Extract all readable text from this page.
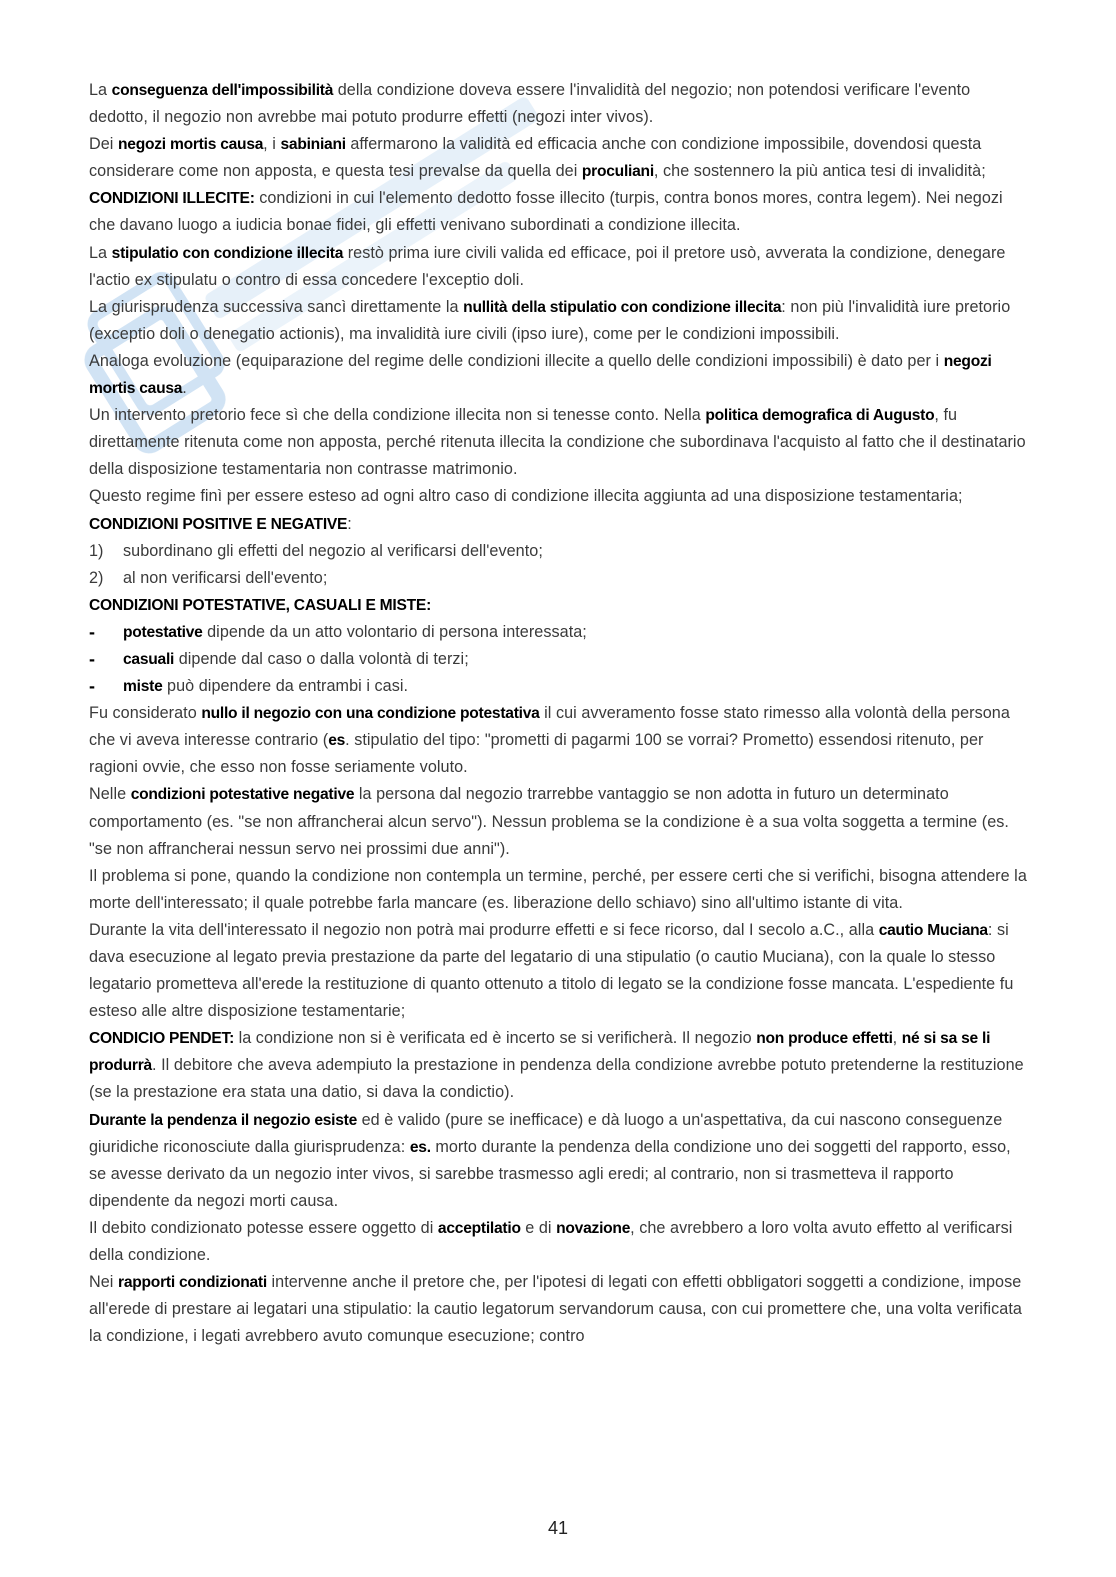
La conseguenza dell'impossibilità della condizione doveva essere l'invalidità del negozio; non potendosi verificare l'evento dedotto, il negozio non avrebbe mai potuto produrre effetti (negozi inter vivos).

Dei negozi mortis causa, i sabiniani affermarono la validità ed efficacia anche con condizione impossibile, dovendosi questa considerare come non apposta, e questa tesi prevalse da quella dei proculiani, che sostennero la più antica tesi di invalidità;

CONDIZIONI ILLECITE: condizioni in cui l'elemento dedotto fosse illecito (turpis, contra bonos mores, contra legem). Nei negozi che davano luogo a iudicia bonae fidei, gli effetti venivano subordinati a condizione illecita.

La stipulatio con condizione illecita restò prima iure civili valida ed efficace, poi il pretore usò, avverata la condizione, denegare l'actio ex stipulatu o contro di essa concedere l'exceptio doli.

La giurisprudenza successiva sancì direttamente la nullità della stipulatio con condizione illecita: non più l'invalidità iure pretorio (exceptio doli o denegatio actionis), ma invalidità iure civili (ipso iure), come per le condizioni impossibili.

Analoga evoluzione (equiparazione del regime delle condizioni illecite a quello delle condizioni impossibili) è dato per i negozi mortis causa.

Un intervento pretorio fece sì che della condizione illecita non si tenesse conto. Nella politica demografica di Augusto, fu direttamente ritenuta come non apposta, perché ritenuta illecita la condizione che subordinava l'acquisto al fatto che il destinatario della disposizione testamentaria non contrasse matrimonio.

Questo regime finì per essere esteso ad ogni altro caso di condizione illecita aggiunta ad una disposizione testamentaria;

CONDIZIONI POSITIVE E NEGATIVE:

1)	subordinano gli effetti del negozio al verificarsi dell'evento;
2)	al non verificarsi dell'evento;

CONDIZIONI POTESTATIVE, CASUALI E MISTE:

-	potestative dipende da un atto volontario di persona interessata;
-	casuali dipende dal caso o dalla volontà di terzi;
-	miste può dipendere da entrambi i casi.

Fu considerato nullo il negozio con una condizione potestativa il cui avveramento fosse stato rimesso alla volontà della persona che vi aveva interesse contrario (es. stipulatio del tipo: "prometti di pagarmi 100 se vorrai? Prometto) essendosi ritenuto, per ragioni ovvie, che esso non fosse seriamente voluto.

Nelle condizioni potestative negative la persona dal negozio trarrebbe vantaggio se non adotta in futuro un determinato comportamento (es. "se non affrancherai alcun servo"). Nessun problema se la condizione è a sua volta soggetta a termine (es. "se non affrancherai nessun servo nei prossimi due anni").

Il problema si pone, quando la condizione non contempla un termine, perché, per essere certi che si verifichi, bisogna attendere la morte dell'interessato; il quale potrebbe farla mancare (es. liberazione dello schiavo) sino all'ultimo istante di vita.

Durante la vita dell'interessato il negozio non potrà mai produrre effetti e si fece ricorso, dal I secolo a.C., alla cautio Muciana: si dava esecuzione al legato previa prestazione da parte del legatario di una stipulatio (o cautio Muciana), con la quale lo stesso legatario prometteva all'erede la restituzione di quanto ottenuto a titolo di legato se la condizione fosse mancata. L'espediente fu esteso alle altre disposizione testamentarie;

CONDICIO PENDET: la condizione non si è verificata ed è incerto se si verificherà. Il negozio non produce effetti, né si sa se li produrrà. Il debitore che aveva adempiuto la prestazione in pendenza della condizione avrebbe potuto pretenderne la restituzione (se la prestazione era stata una datio, si dava la condictio).

Durante la pendenza il negozio esiste ed è valido (pure se inefficace) e dà luogo a un'aspettativa, da cui nascono conseguenze giuridiche riconosciute dalla giurisprudenza: es. morto durante la pendenza della condizione uno dei soggetti del rapporto, esso, se avesse derivato da un negozio inter vivos, si sarebbe trasmesso agli eredi; al contrario, non si trasmetteva il rapporto dipendente da negozi morti causa.

Il debito condizionato potesse essere oggetto di acceptilatio e di novazione, che avrebbero a loro volta avuto effetto al verificarsi della condizione.

Nei rapporti condizionati intervenne anche il pretore che, per l'ipotesi di legati con effetti obbligatori soggetti a condizione, impose all'erede di prestare ai legatari una stipulatio: la cautio legatorum servandorum causa, con cui promettere che, una volta verificata la condizione, i legati avrebbero avuto comunque esecuzione; contro

41
